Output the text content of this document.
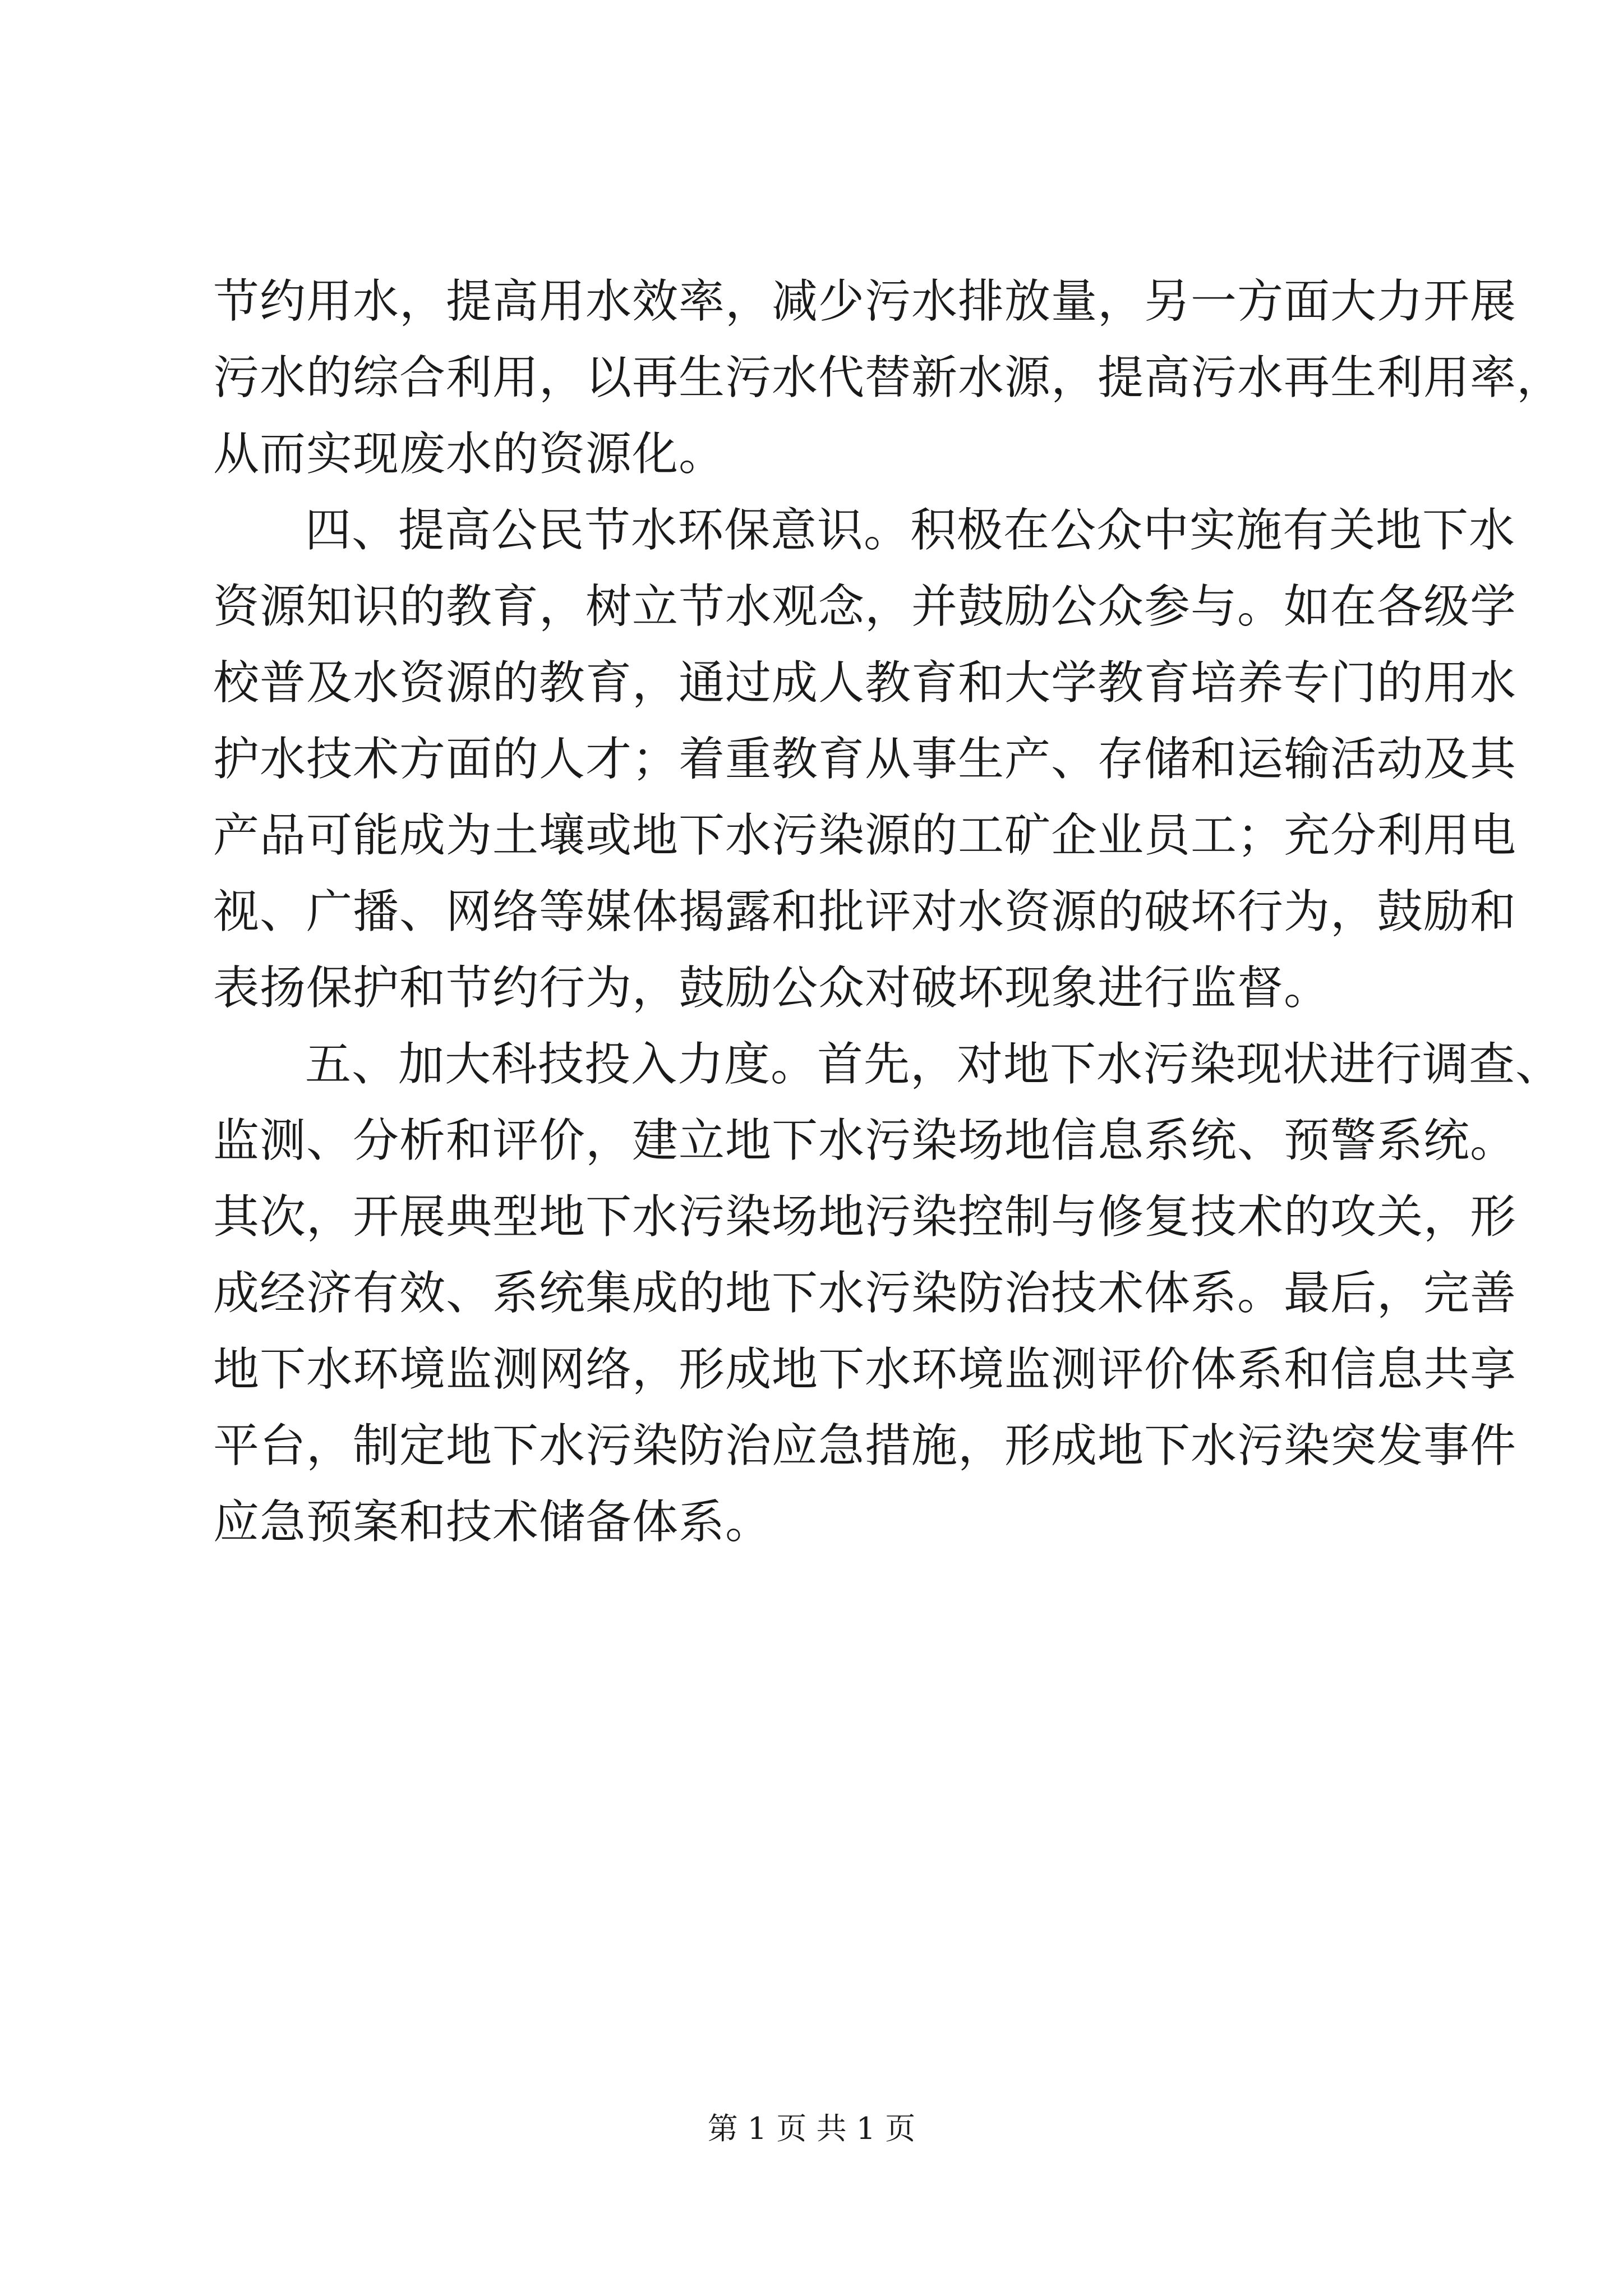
节约用水，提高用水效率，减少污水排放量，另一方面大力开展
污水的综合利用，以再生污水代替新水源，提高污水再生利用率，
从而实现废水的资源化。
四、提高公民节水环保意识。积极在公众中实施有关地下水
资源知识的教育，树立节水观念，并鼓励公众参与。如在各级学
校普及水资源的教育，通过成人教育和大学教育培养专门的用水
护水技术方面的人才；着重教育从事生产、存储和运输活动及其
产品可能成为土壤或地下水污染源的工矿企业员工；充分利用电
视、广播、网络等媒体揭露和批评对水资源的破坏行为，鼓励和
表扬保护和节约行为，鼓励公众对破坏现象进行监督。
五、加大科技投入力度。首先，对地下水污染现状进行调查、
监测、分析和评价，建立地下水污染场地信息系统、预警系统。
其次，开展典型地下水污染场地污染控制与修复技术的攻关，形
成经济有效、系统集成的地下水污染防治技术体系。最后，完善
地下水环境监测网络，形成地下水环境监测评价体系和信息共享
平台，制定地下水污染防治应急措施，形成地下水污染突发事件
应急预案和技术储备体系。
第 1 页 共 1 页
